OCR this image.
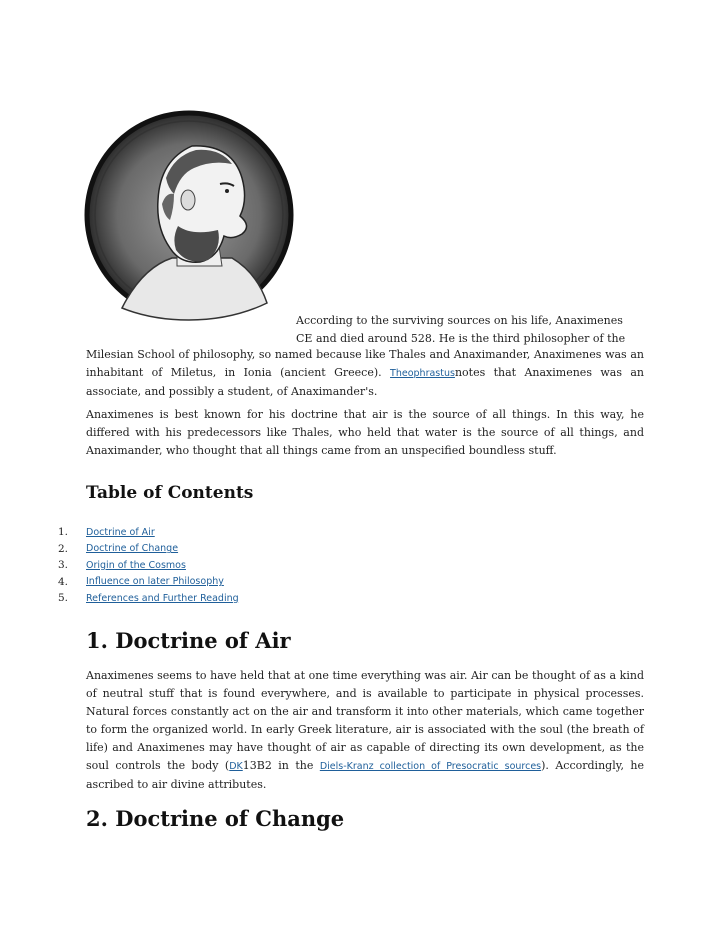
According to the surviving sources on his life, Anaximenes
CE and died around 528. He is the third philosopher of the
Milesian School of philosophy, so named because like Thales and Anaximander, Anaximenes was an inhabitant of Miletus, in Ionia (ancient Greece). Theophrastusnotes that Anaximenes was an associate, and possibly a student, of Anaximander's.
Anaximenes is best known for his doctrine that air is the source of all things. In this way, he differed with his predecessors like Thales, who held that water is the source of all things, and Anaximander, who thought that all things came from an unspecified boundless stuff.
Table of Contents
1.	Doctrine of Air
2.	Doctrine of Change
3.	Origin of the Cosmos
4.	Influence on later Philosophy
5.	References and Further Reading
1. Doctrine of Air
Anaximenes seems to have held that at one time everything was air. Air can be thought of as a kind of neutral stuff that is found everywhere, and is available to participate in physical processes. Natural forces constantly act on the air and transform it into other materials, which came together to form the organized world. In early Greek literature, air is associated with the soul (the breath of life) and Anaximenes may have thought of air as capable of directing its own development, as the soul controls the body (DK13B2 in the Diels-Kranz collection of Presocratic sources). Accordingly, he ascribed to air divine attributes.
2. Doctrine of Change
